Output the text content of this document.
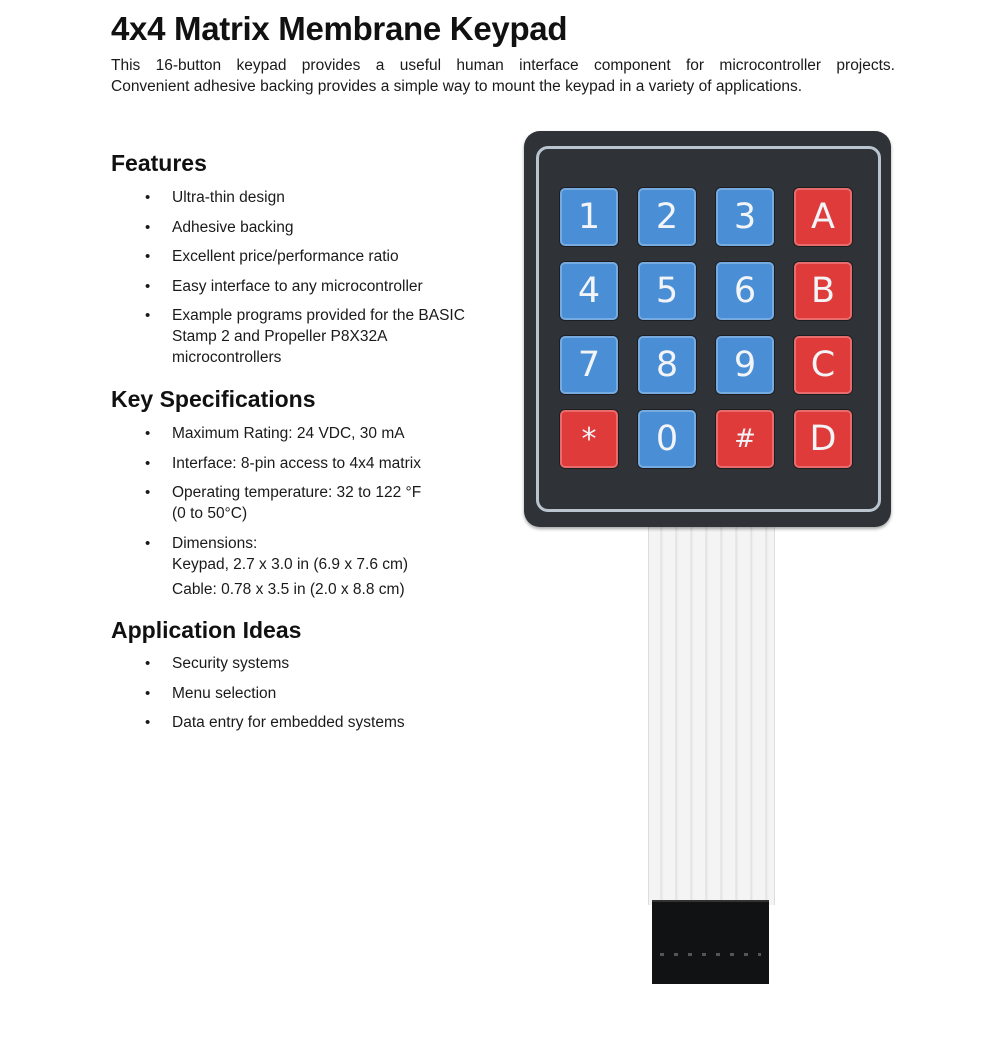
4x4 Matrix Membrane Keypad

This 16-button keypad provides a useful human interface component for microcontroller projects.
Convenient adhesive backing provides a simple way to mount the keypad in a variety of applications.

Features
• Ultra-thin design
• Adhesive backing
• Excellent price/performance ratio
• Easy interface to any microcontroller
• Example programs provided for the BASIC Stamp 2 and Propeller P8X32A microcontrollers
Key Specifications
• Maximum Rating: 24 VDC, 30 mA
• Interface: 8-pin access to 4x4 matrix
• Operating temperature: 32 to 122 °F
(0 to 50°C)
• Dimensions:
Keypad, 2.7 x 3.0 in (6.9 x 7.6 cm)
Cable: 0.78 x 3.5 in (2.0 x 8.8 cm)
Application Ideas
• Security systems
• Menu selection
• Data entry for embedded systems
1	2	3	A
4	5	6	B
7	8	9	C
*	0	#	D
